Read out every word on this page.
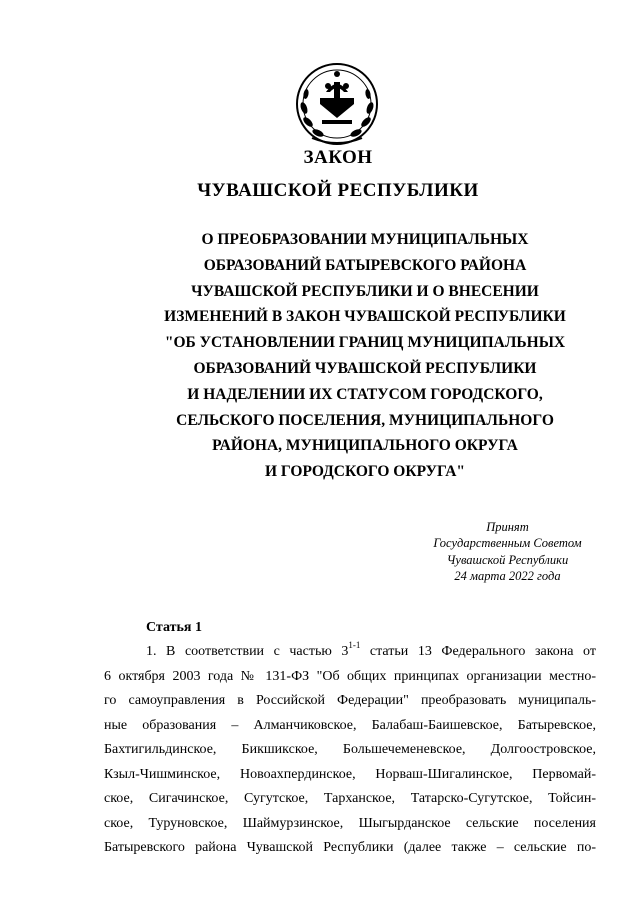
ЗАКОН
ЧУВАШСКОЙ РЕСПУБЛИКИ
О ПРЕОБРАЗОВАНИИ МУНИЦИПАЛЬНЫХ
ОБРАЗОВАНИЙ БАТЫРЕВСКОГО РАЙОНА
ЧУВАШСКОЙ РЕСПУБЛИКИ И О ВНЕСЕНИИ
ИЗМЕНЕНИЙ В ЗАКОН ЧУВАШСКОЙ РЕСПУБЛИКИ
"ОБ УСТАНОВЛЕНИИ ГРАНИЦ МУНИЦИПАЛЬНЫХ
ОБРАЗОВАНИЙ ЧУВАШСКОЙ РЕСПУБЛИКИ
И НАДЕЛЕНИИ ИХ СТАТУСОМ ГОРОДСКОГО,
СЕЛЬСКОГО ПОСЕЛЕНИЯ, МУНИЦИПАЛЬНОГО
РАЙОНА, МУНИЦИПАЛЬНОГО ОКРУГА
И ГОРОДСКОГО ОКРУГА"
Принят
Государственным Советом
Чувашской Республики
24 марта 2022 года
Статья 1
1. В соответствии с частью 3$^{1-1}$ статьи 13 Федерального закона от
6 октября 2003 года № 131-ФЗ "Об общих принципах организации местно-
го самоуправления в Российской Федерации" преобразовать муниципаль-
ные образования – Алманчиковское, Балабаш-Баишевское, Батыревское,
Бахтигильдинское, Бикшикское, Большечеменевское, Долгоостровское,
Кзыл-Чишминское, Новоахпердинское, Норваш-Шигалинское, Первомай-
ское, Сигачинское, Сугутское, Тарханское, Татарско-Сугутское, Тойсин-
ское, Туруновское, Шаймурзинское, Шыгырданское сельские поселения
Батыревского района Чувашской Республики (далее также – сельские по-
